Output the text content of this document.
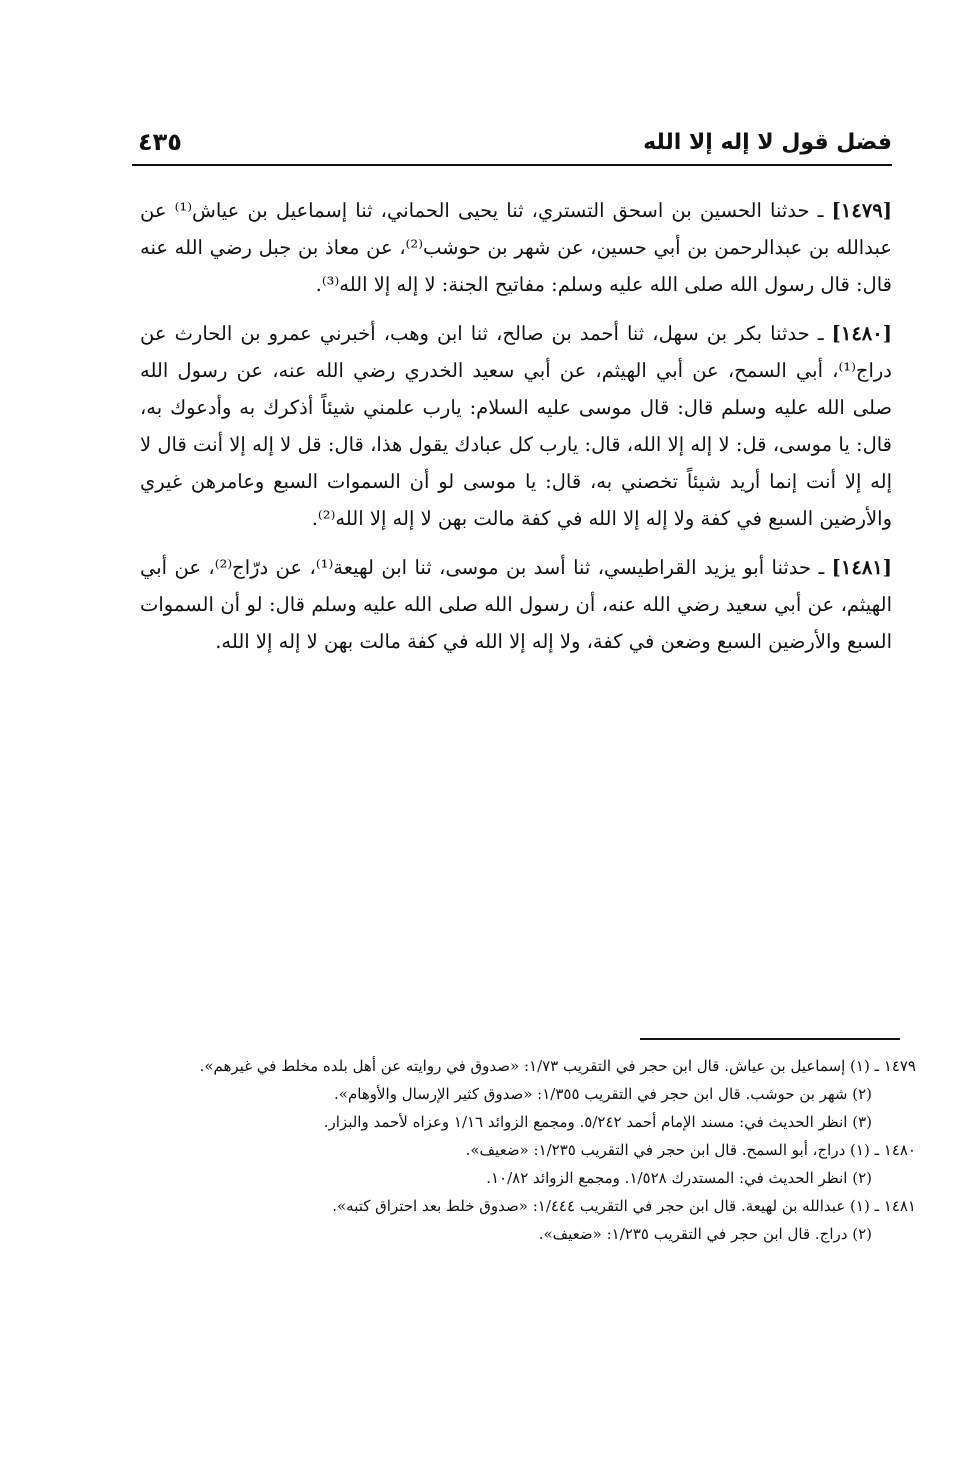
فضل قول لا إله إلا الله
٤٣٥

[١٤٧٩] ـ حدثنا الحسين بن اسحق التستري، ثنا يحيى الحماني، ثنا إسماعيل بن عياش⁽¹⁾ عن عبدالله بن عبدالرحمن بن أبي حسين، عن شهر بن حوشب⁽²⁾، عن معاذ بن جبل رضي الله عنه قال: قال رسول الله صلى الله عليه وسلم: مفاتيح الجنة: لا إله إلا الله⁽³⁾.

[١٤٨٠] ـ حدثنا بكر بن سهل، ثنا أحمد بن صالح، ثنا ابن وهب، أخبرني عمرو بن الحارث عن دراج⁽¹⁾، أبي السمح، عن أبي الهيثم، عن أبي سعيد الخدري رضي الله عنه، عن رسول الله صلى الله عليه وسلم قال: قال موسى عليه السلام: يارب علمني شيئاً أذكرك به وأدعوك به، قال: يا موسى، قل: لا إله إلا الله، قال: يارب كل عبادك يقول هذا، قال: قل لا إله إلا أنت قال لا إله إلا أنت إنما أريد شيئاً تخصني به، قال: يا موسى لو أن السموات السبع وعامرهن غيري والأرضين السبع في كفة ولا إله إلا الله في كفة مالت بهن لا إله إلا الله⁽²⁾.

[١٤٨١] ـ حدثنا أبو يزيد القراطيسي، ثنا أسد بن موسى، ثنا ابن لهيعة⁽¹⁾، عن درّاج⁽²⁾، عن أبي الهيثم، عن أبي سعيد رضي الله عنه، أن رسول الله صلى الله عليه وسلم قال: لو أن السموات السبع والأرضين السبع وضعن في كفة، ولا إله إلا الله في كفة مالت بهن لا إله إلا الله.

١٤٧٩ ـ (١) إسماعيل بن عياش. قال ابن حجر في التقريب ١/٧٣: «صدوق في روايته عن أهل بلده مخلط في غيرهم».

(٢) شهر بن حوشب. قال ابن حجر في التقريب ١/٣٥٥: «صدوق كثير الإرسال والأوهام».

(٣) انظر الحديث في: مسند الإمام أحمد ٥/٢٤٢. ومجمع الزوائد ١/١٦ وعزاه لأحمد والبزار.

١٤٨٠ ـ (١) دراج، أبو السمح. قال ابن حجر في التقريب ١/٢٣٥: «ضعيف».

(٢) انظر الحديث في: المستدرك ١/٥٢٨. ومجمع الزوائد ١٠/٨٢.

١٤٨١ ـ (١) عبدالله بن لهيعة. قال ابن حجر في التقريب ١/٤٤٤: «صدوق خلط بعد احتراق كتبه».

(٢) دراج. قال ابن حجر في التقريب ١/٢٣٥: «ضعيف».
